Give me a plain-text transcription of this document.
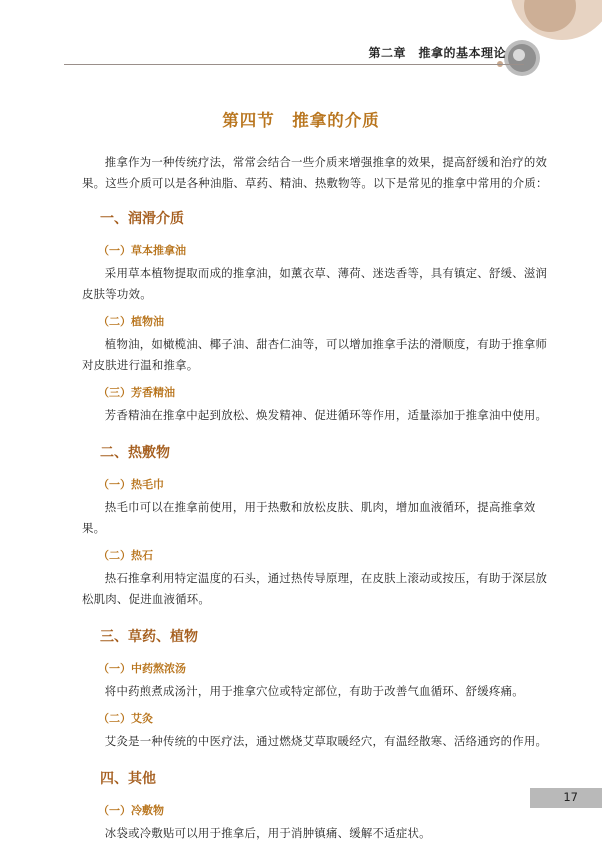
第二章　推拿的基本理论
第四节　推拿的介质

推拿作为一种传统疗法，常常会结合一些介质来增强推拿的效果，提高舒缓和治疗的效果。这些介质可以是各种油脂、草药、精油、热敷物等。以下是常见的推拿中常用的介质：

一、润滑介质
（一）草本推拿油

采用草本植物提取而成的推拿油，如薰衣草、薄荷、迷迭香等，具有镇定、舒缓、滋润皮肤等功效。

（二）植物油

植物油，如橄榄油、椰子油、甜杏仁油等，可以增加推拿手法的滑顺度，有助于推拿师对皮肤进行温和推拿。

（三）芳香精油

芳香精油在推拿中起到放松、焕发精神、促进循环等作用，适量添加于推拿油中使用。

二、热敷物
（一）热毛巾

热毛巾可以在推拿前使用，用于热敷和放松皮肤、肌肉，增加血液循环，提高推拿效果。

（二）热石

热石推拿利用特定温度的石头，通过热传导原理，在皮肤上滚动或按压，有助于深层放松肌肉、促进血液循环。

三、草药、植物
（一）中药熬浓汤

将中药煎煮成汤汁，用于推拿穴位或特定部位，有助于改善气血循环、舒缓疼痛。

（二）艾灸

艾灸是一种传统的中医疗法，通过燃烧艾草取暖经穴，有温经散寒、活络通窍的作用。

四、其他
（一）冷敷物

冰袋或冷敷贴可以用于推拿后，用于消肿镇痛、缓解不适症状。

17
